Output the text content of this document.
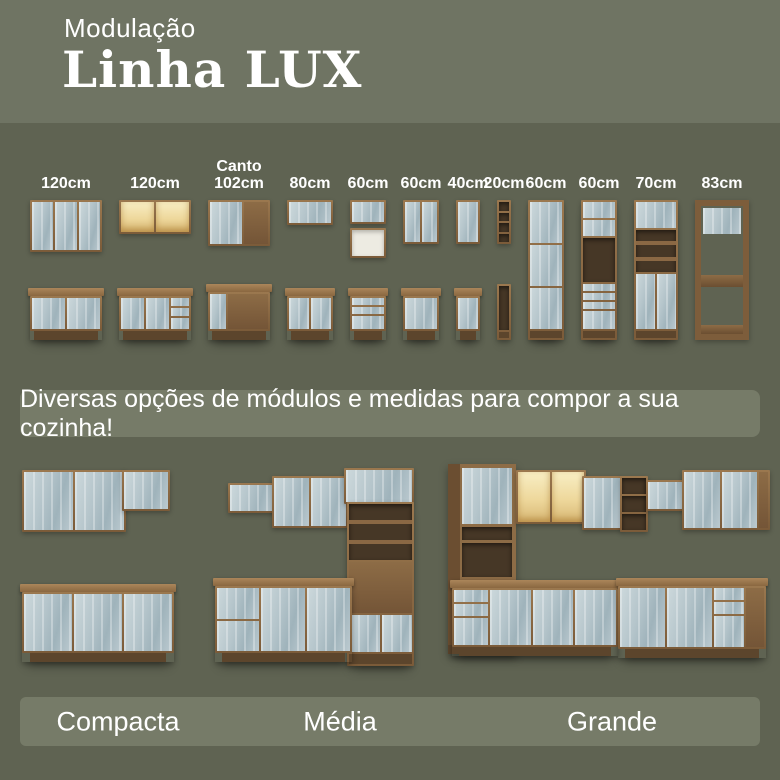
Modulação
Linha LUX
120cm 120cm
Canto 102cm 80cm 60cm 60cm 40cm
20cm 60cm 60cm 70cm 83cm
Diversas opções de módulos e medidas para compor a sua cozinha!
Compacta	Média	Grande
